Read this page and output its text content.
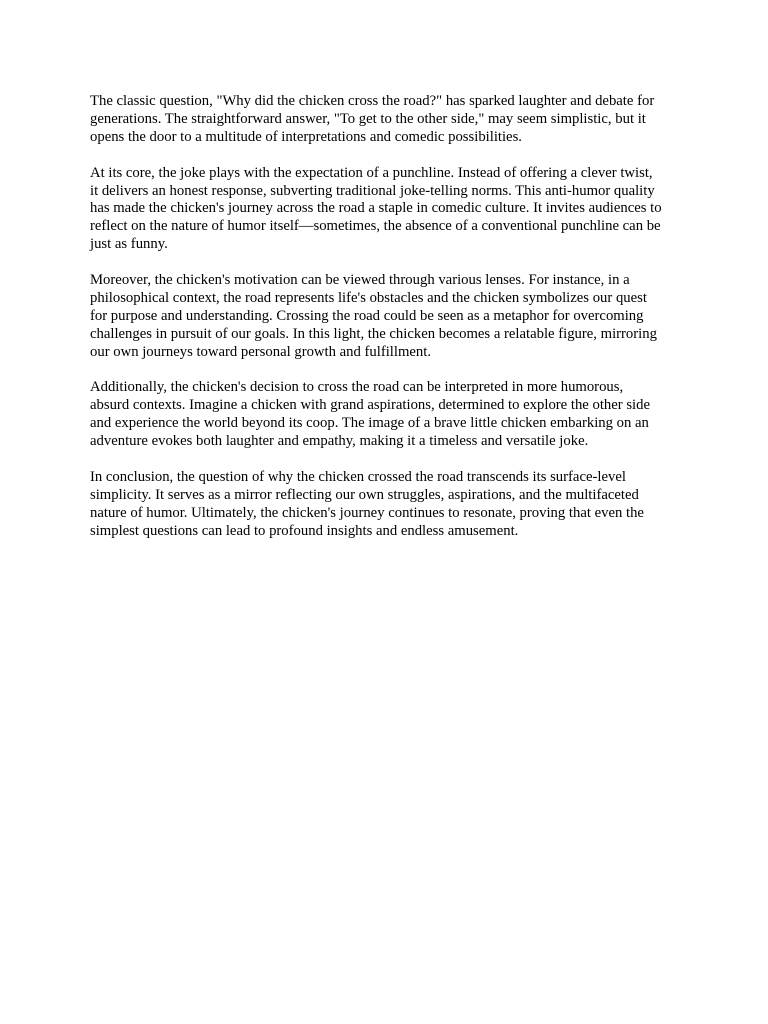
The classic question, "Why did the chicken cross the road?" has sparked laughter and debate for
generations. The straightforward answer, "To get to the other side," may seem simplistic, but it
opens the door to a multitude of interpretations and comedic possibilities.

At its core, the joke plays with the expectation of a punchline. Instead of offering a clever twist,
it delivers an honest response, subverting traditional joke-telling norms. This anti-humor quality
has made the chicken's journey across the road a staple in comedic culture. It invites audiences to
reflect on the nature of humor itself—sometimes, the absence of a conventional punchline can be
just as funny.

Moreover, the chicken's motivation can be viewed through various lenses. For instance, in a
philosophical context, the road represents life's obstacles and the chicken symbolizes our quest
for purpose and understanding. Crossing the road could be seen as a metaphor for overcoming
challenges in pursuit of our goals. In this light, the chicken becomes a relatable figure, mirroring
our own journeys toward personal growth and fulfillment.

Additionally, the chicken's decision to cross the road can be interpreted in more humorous,
absurd contexts. Imagine a chicken with grand aspirations, determined to explore the other side
and experience the world beyond its coop. The image of a brave little chicken embarking on an
adventure evokes both laughter and empathy, making it a timeless and versatile joke.

In conclusion, the question of why the chicken crossed the road transcends its surface-level
simplicity. It serves as a mirror reflecting our own struggles, aspirations, and the multifaceted
nature of humor. Ultimately, the chicken's journey continues to resonate, proving that even the
simplest questions can lead to profound insights and endless amusement.
